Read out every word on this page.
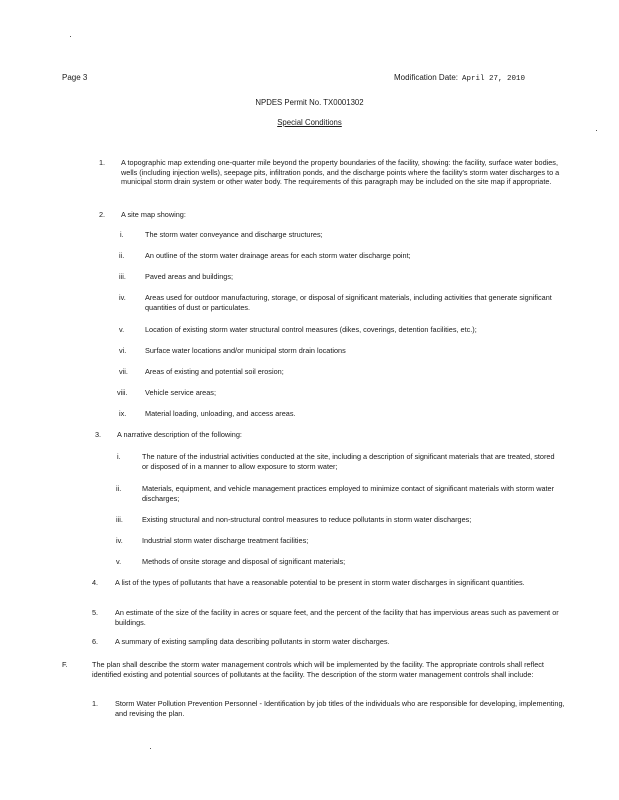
Page 3	Modification Date: April 27, 2010
NPDES Permit No. TX0001302
Special Conditions
1. A topographic map extending one-quarter mile beyond the property boundaries of the facility, showing: the facility, surface water bodies, wells (including injection wells), seepage pits, infiltration ponds, and the discharge points where the facility's storm water discharges to a municipal storm drain system or other water body. The requirements of this paragraph may be included on the site map if appropriate.
2. A site map showing:
i.	The storm water conveyance and discharge structures;
ii.	An outline of the storm water drainage areas for each storm water discharge point;
iii.	Paved areas and buildings;
iv.	Areas used for outdoor manufacturing, storage, or disposal of significant materials, including activities that generate significant quantities of dust or particulates.
v.	Location of existing storm water structural control measures (dikes, coverings, detention facilities, etc.);
vi.	Surface water locations and/or municipal storm drain locations
vii. Areas of existing and potential soil erosion;
viii. Vehicle service areas;
ix.	Material loading, unloading, and access areas.
3. A narrative description of the following:
i.	The nature of the industrial activities conducted at the site, including a description of significant materials that are treated, stored or disposed of in a manner to allow exposure to storm water;
ii.	Materials, equipment, and vehicle management practices employed to minimize contact of significant materials with storm water discharges;
iii.	Existing structural and non-structural control measures to reduce pollutants in storm water discharges;
iv.	Industrial storm water discharge treatment facilities;
v.	Methods of onsite storage and disposal of significant materials;
4. A list of the types of pollutants that have a reasonable potential to be present in storm water discharges in significant quantities.
5. An estimate of the size of the facility in acres or square feet, and the percent of the facility that has impervious areas such as pavement or buildings.
6. A summary of existing sampling data describing pollutants in storm water discharges.
F.	The plan shall describe the storm water management controls which will be implemented by the facility. The appropriate controls shall reflect identified existing and potential sources of pollutants at the facility. The description of the storm water management controls shall include:
1. Storm Water Pollution Prevention Personnel - Identification by job titles of the individuals who are responsible for developing, implementing, and revising the plan.
